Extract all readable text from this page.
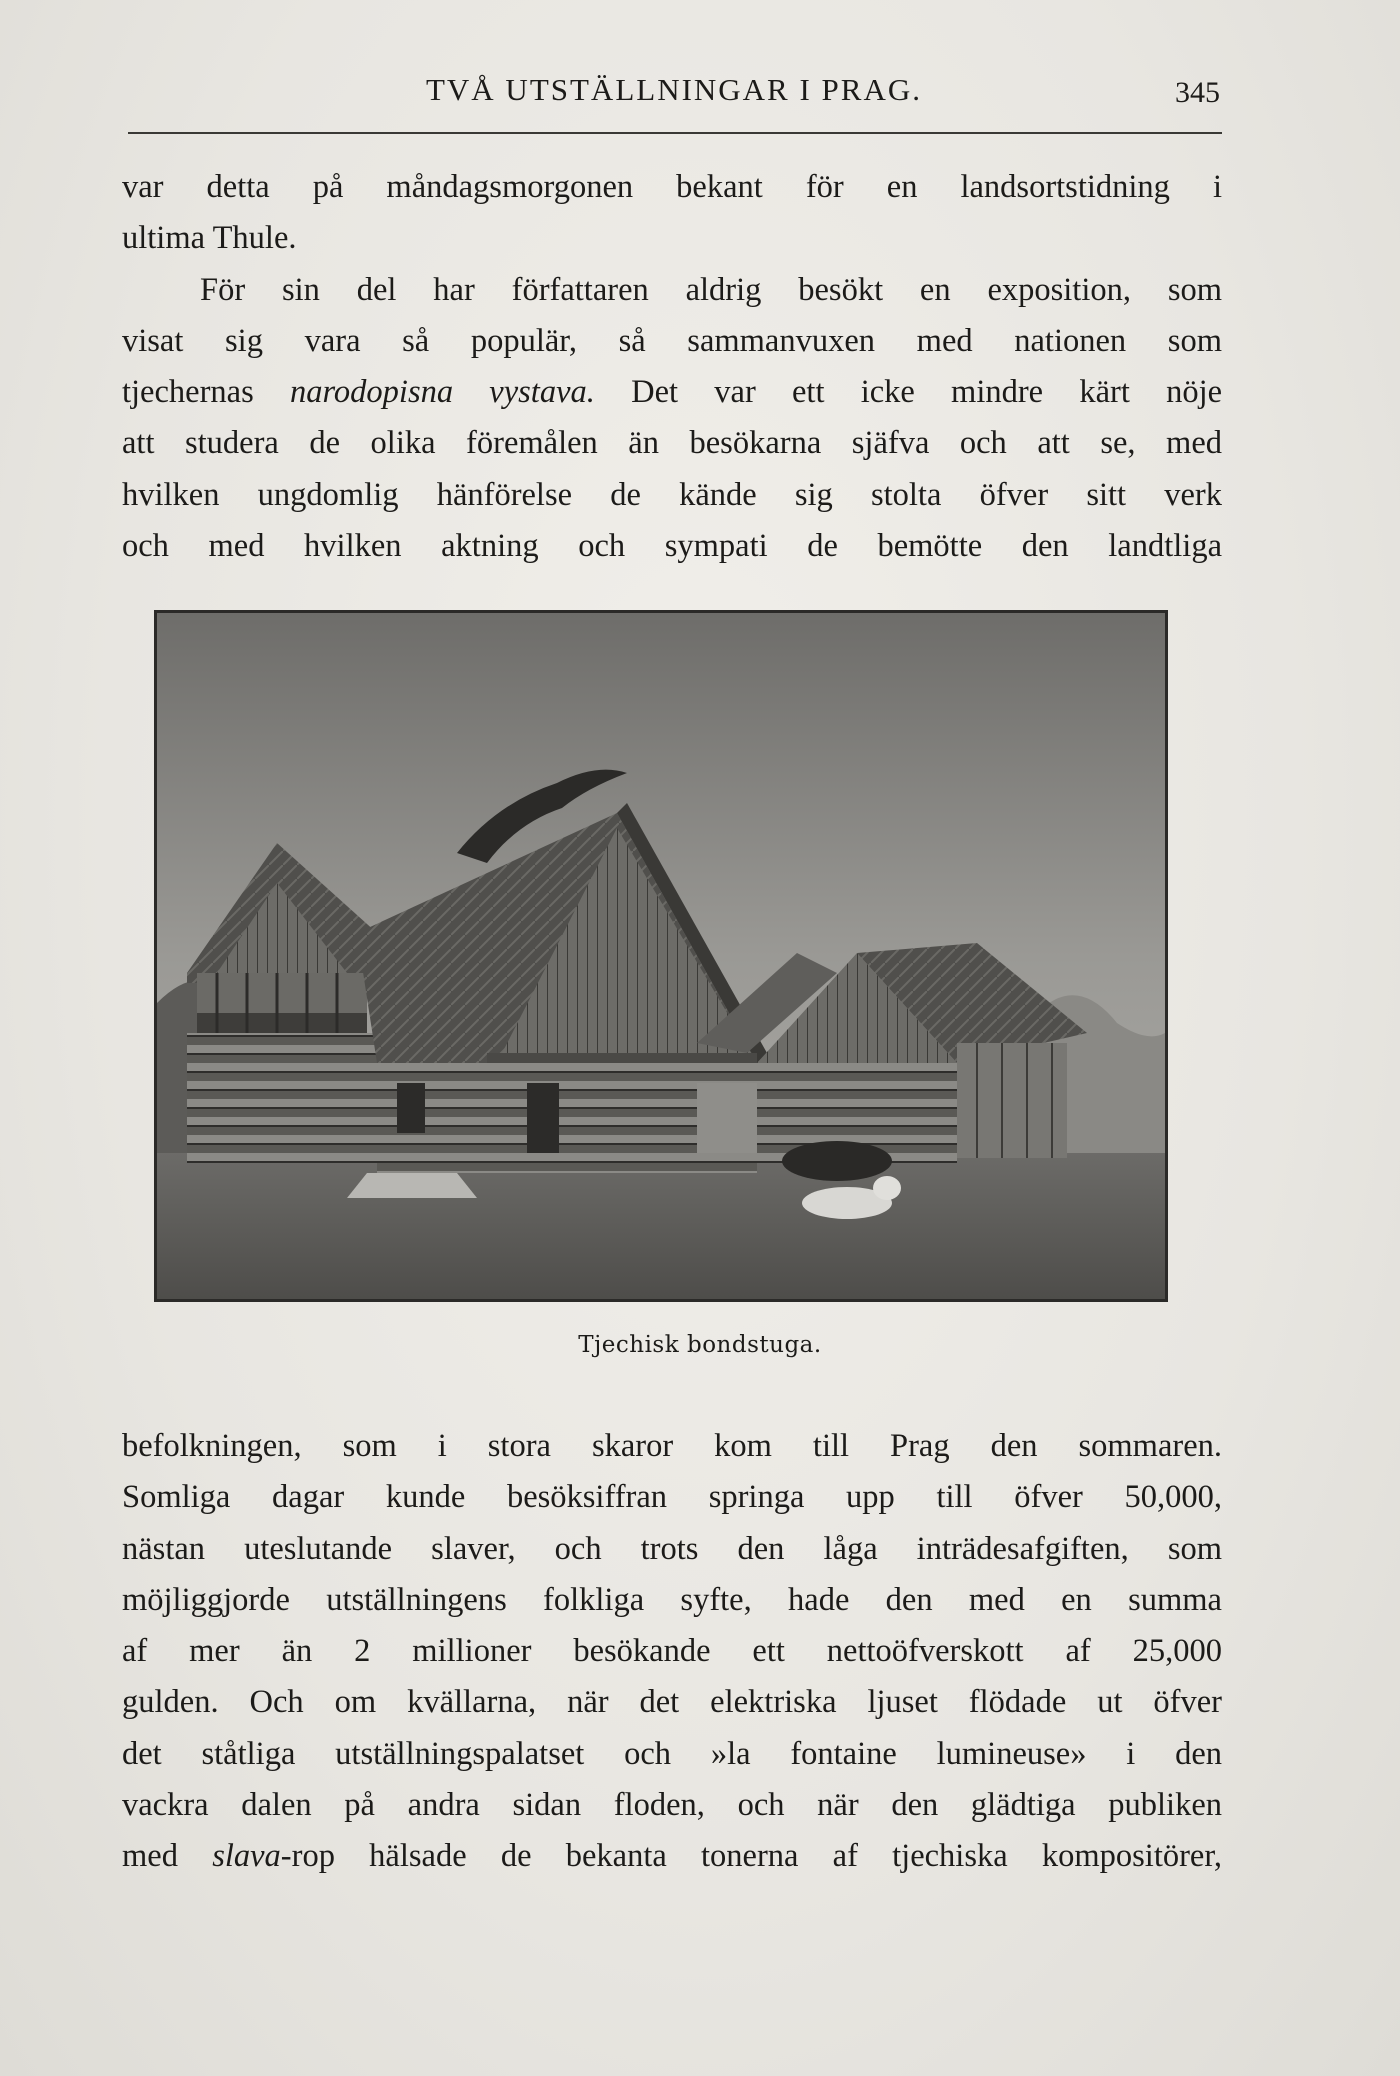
TVÅ UTSTÄLLNINGAR I PRAG.	345
var detta på måndagsmorgonen bekant för en landsortstidning i
ultima Thule.
För sin del har författaren aldrig besökt en exposition, som
visat sig vara så populär, så sammanvuxen med nationen som
tjechernas narodopisna vystava. Det var ett icke mindre kärt nöje
att studera de olika föremålen än besökarna sjäfva och att se, med
hvilken ungdomlig hänförelse de kände sig stolta öfver sitt verk
och med hvilken aktning och sympati de bemötte den landtliga
Tjechisk bondstuga.
befolkningen, som i stora skaror kom till Prag den sommaren.
Somliga dagar kunde besöksiffran springa upp till öfver 50,000,
nästan uteslutande slaver, och trots den låga inträdesafgiften, som
möjliggjorde utställningens folkliga syfte, hade den med en summa
af mer än 2 millioner besökande ett nettoöfverskott af 25,000
gulden. Och om kvällarna, när det elektriska ljuset flödade ut öfver
det ståtliga utställningspalatset och »la fontaine lumineuse» i den
vackra dalen på andra sidan floden, och när den glädtiga publiken
med slava-rop hälsade de bekanta tonerna af tjechiska kompositörer,
